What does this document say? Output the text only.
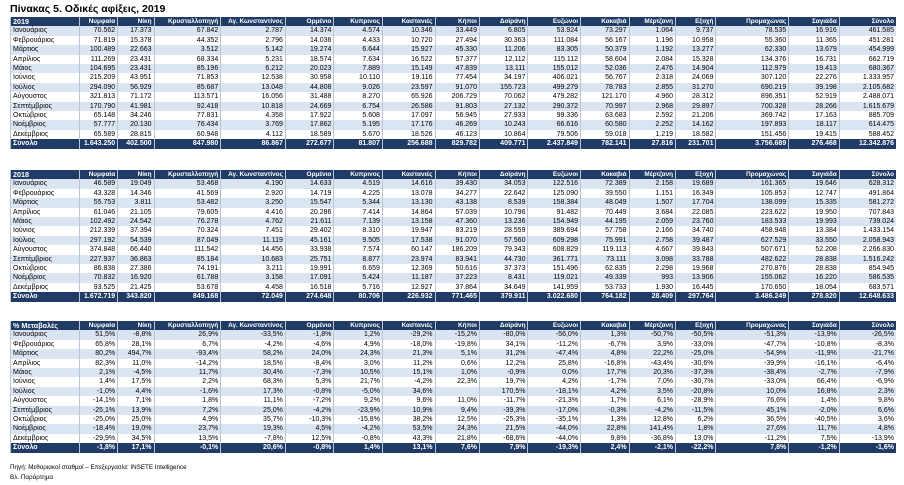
Πίνακας 5. Οδικές αφίξεις, 2019
2019	Νυμφαία	Νίκη	Κρυσταλλοπηγή	Αγ. Κωνσταντίνος	Ορμένιο	Κυπρινος	Καστανιές	Κήποι	Δοϊράνη	Ευζώνοι	Κακαβιά	Μέρτζανη	Εξοχή	Προμαχώνας	Σαγιάδα	Σύνολο
Ιανουάριος	70.562	17.373	67.842	2.787	14.374	4.574	10.346	33.449	6.805	53.924	73.297	1.064	9.737	78.535	16.916	461.585
Φεβρουάριος	71.819	15.378	44.352	2.796	14.036	4.433	10.720	27.494	30.363	111.084	56.167	1.196	10.958	55.360	11.365	451.281
Μάρτιος	100.489	22.663	3.512	5.142	19.274	6.644	15.927	45.330	11.206	83.305	50.379	1.192	13.277	62.330	13.679	454.999
Απρίλιος	111.269	23.431	68.334	5.231	18.574	7.634	16.522	57.377	12.112	115.112	58.604	2.084	15.328	134.376	16.731	662.719
Μάιος	104.695	23.431	85.196	6.212	20.023	7.889	15.149	47.839	13.111	155.012	52.036	2.476	14.904	112.979	19.413	680.367
Ιούνιος	215.209	43.951	71.853	12.538	30.958	10.110	19.116	77.454	34.197	406.021	56.767	2.318	24.069	307.120	22.276	1.333.957
Ιούλιος	294.090	56.929	85.687	13.048	44.808	9.026	23.597	91.070	155.723	499.279	78.783	2.855	31.270	690.219	39.198	2.105.682
Αύγουστος	321.813	71.172	113.571	16.056	31.488	8.270	65.926	206.729	70.062	479.282	121.170	4.960	28.312	896.351	52.919	2.488.071
Σεπτέμβριος	170.790	41.981	92.418	10.818	24.669	6.754	26.586	91.803	27.132	290.372	70.997	2.968	29.897	700.328	28.266	1.615.679
Οκτώβριος	65.148	34.246	77.831	4.358	17.922	5.608	17.097	56.945	27.933	99.336	63.683	2.592	21.206	369.742	17.163	885.709
Νοέμβριος	57.777	20.130	76.434	3.769	17.862	5.195	17.176	46.269	10.243	66.616	60.580	2.252	14.162	197.893	18.117	614.475
Δεκέμβριος	65.589	28.815	60.948	4.112	18.589	5.670	18.526	46.123	10.864	79.506	59.018	1.219	18.582	151.456	19.415	588.452
Σύνολο	1.643.250	402.500	847.980	86.867	272.677	81.807	256.688	829.782	409.771	2.437.849	782.141	27.816	231.701	3.756.689	276.468	12.342.876
2018	Νυμφαία	Νίκη	Κρυσταλλοπηγή	Αγ. Κωνσταντίνος	Ορμένιο	Κυπρινος	Καστανιές	Κήποι	Δοϊράνη	Ευζώνοι	Κακαβιά	Μέρτζανη	Εξοχή	Προμαχώνας	Σαγιάδα	Σύνολο
Ιανουάριος	46.589	19.049	53.468	4.190	14.633	4.519	14.616	39.430	34.053	122.516	72.389	2.158	19.689	161.365	19.646	628.312
Φεβρουάριος	43.328	14.346	41.569	2.920	14.719	4.225	13.078	34.277	22.642	125.090	39.550	1.151	16.349	105.853	12.747	491.864
Μάρτιος	55.753	3.811	53.482	3.250	15.547	5.344	13.130	43.138	8.539	158.384	48.049	1.507	17.704	138.099	15.335	581.272
Απρίλιος	61.046	21.105	79.605	4.416	20.286	7.414	14.864	57.039	10.796	91.482	70.449	3.684	22.085	223.622	19.950	707.843
Μάιος	102.492	24.542	76.278	4.762	21.611	7.139	13.158	47.360	13.236	154.949	44.195	2.059	23.760	183.533	19.993	739.024
Ιούνιος	212.339	37.394	70.324	7.451	29.402	8.310	19.947	83.219	28.559	389.694	57.758	2.166	34.740	458.948	13.384	1.433.154
Ιούλιος	297.192	54.539	87.049	11.119	45.161	9.505	17.538	91.070	57.560	609.298	75.991	2.758	39.487	627.529	33.550	2.058.943
Αύγουστος	374.848	66.440	111.542	14.456	33.938	7.574	60.147	186.209	79.343	608.829	119.113	4.667	39.843	507.671	52.208	2.266.830
Σεπτέμβριος	227.937	36.863	85.184	10.683	25.751	8.877	23.974	83.941	44.730	361.771	73.111	3.098	33.788	482.622	28.838	1.516.242
Οκτώβριος	86.838	27.386	74.191	3.211	19.991	6.659	12.369	50.616	37.373	151.496	62.835	2.298	19.968	270.876	28.838	854.945
Νοέμβριος	70.832	16.920	61.788	3.158	17.091	5.424	11.187	37.223	8.431	119.021	49.339	993	13.906	155.062	16.220	586.535
Δεκέμβριος	93.525	21.425	53.678	4.458	16.518	5.716	12.927	37.864	34.649	141.959	53.733	1.930	16.445	170.650	18.054	683.571
Σύνολο	1.672.719	343.820	849.168	72.049	274.648	80.706	226.932	771.465	379.911	3.022.680	764.182	28.409	297.764	3.486.249	278.820	12.648.633
% Μεταβολές	Νυμφαία	Νίκη	Κρυσταλλοπηγή	Αγ. Κωνσταντίνος	Ορμένιο	Κυπρινος	Καστανιές	Κήποι	Δοϊράνη	Ευζώνοι	Κακαβιά	Μέρτζανη	Εξοχή	Προμαχώνας	Σαγιάδα	Σύνολο
Ιανουάριος	51,5%	-8,8%	26,9%	-33,5%	-1,8%	1,2%	-29,2%	-15,2%	-80,0%	-56,0%	1,3%	-50,7%	-50,5%	-51,3%	-13,9%	-26,5%
Φεβρουάριος	65,8%	28,1%	6,7%	-4,2%	-4,6%	4,9%	-18,0%	-19,8%	34,1%	-11,2%	-6,7%	3,9%	-33,0%	-47,7%	-10,8%	-8,3%
Μάρτιος	80,2%	494,7%	-93,4%	58,2%	24,0%	24,3%	21,3%	5,1%	31,2%	-47,4%	4,8%	22,2%	-25,0%	-54,9%	-11,9%	-21,7%
Απρίλιος	82,3%	11,0%	-14,2%	18,5%	-8,4%	3,0%	11,2%	0,6%	12,2%	25,8%	-16,8%	-43,4%	-30,6%	-39,9%	-16,1%	-6,4%
Μάιος	2,1%	-4,5%	11,7%	30,4%	-7,3%	10,5%	15,1%	1,0%	-0,9%	0,0%	17,7%	20,3%	-37,3%	-38,4%	-2,7%	-7,9%
Ιούνιος	1,4%	17,5%	2,2%	68,3%	5,3%	21,7%	-4,2%	22,3%	19,7%	4,2%	-1,7%	7,0%	-30,7%	-33,0%	66,4%	-6,9%
Ιούλιος	-1,0%	4,4%	-1,6%	17,3%	-0,8%	-5,0%	34,6%		170,5%	-18,1%	4,2%	3,5%	-20,8%	10,0%	16,8%	2,3%
Αύγουστος	-14,1%	7,1%	1,8%	11,1%	-7,2%	9,2%	9,6%	11,0%	-11,7%	-21,3%	1,7%	6,1%	-28,9%	76,6%	1,4%	9,8%
Σεπτέμβριος	-25,1%	13,9%	7,2%	25,0%	-4,2%	-23,9%	10,9%	9,4%	-39,3%	-17,0%	-0,3%	-4,2%	-11,5%	45,1%	-2,0%	6,6%
Οκτώβριος	-25,0%	25,0%	4,9%	35,7%	-10,3%	-15,8%	38,2%	12,5%	-25,3%	-35,1%	1,3%	12,8%	6,2%	36,5%	-40,5%	3,6%
Νοέμβριος	-18,4%	19,0%	23,7%	19,3%	4,5%	-4,2%	53,5%	24,3%	21,5%	-44,0%	22,8%	141,4%	1,8%	27,6%	11,7%	4,8%
Δεκέμβριος	-29,9%	34,5%	13,5%	-7,8%	12,5%	-0,8%	43,3%	21,8%	-68,6%	-44,0%	9,8%	-36,8%	13,0%	-11,2%	7,5%	-13,9%
Σύνολο	-1,8%	17,1%	-0,1%	20,6%	-0,8%	1,4%	13,1%	7,6%	7,9%	-19,3%	2,4%	-2,1%	-22,2%	7,8%	-1,2%	-1,6%
Πηγή: Μεθοριακοί σταθμοί – Επεξεργασία: INSETE Intelligence
Βλ. Παράρτημα
